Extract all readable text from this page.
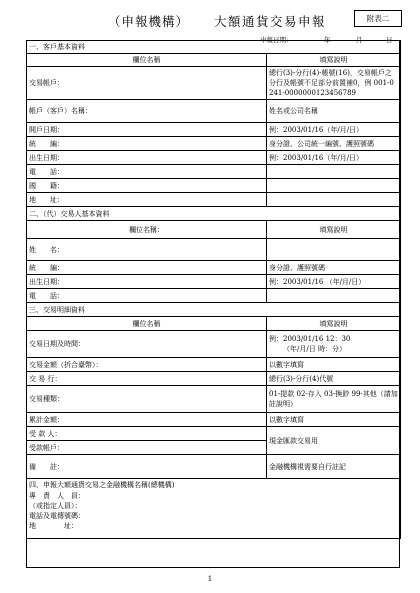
（申報機構） 大額通貨交易申報	附表二
申報日期：	年	月	日
一、客戶基本資料	
欄位名稱	填寫說明
交易帳戶：	總行(3)-分行(4)-帳號(16)，交易帳戶之分行及帳號不足部分前置補0，例 001-0241-0000000123456789
帳戶（客戶）名稱：	姓名或公司名稱
開戶日期：	例：2003/01/16（年/月/日）
統　　編：	身分證、公司統一編號、護照號碼
出生日期：	例：2003/01/16（年/月/日）
電　　話：	
國　　籍：	
地　　址：	
二、（代）交易人基本資料	
欄位名稱：	填寫說明
姓　　名：	
統　　編：	身分證、護照號碼
出生日期：	例：2003/01/16 （年/月/日）
電　　話：	
三、交易明細資料	
欄位名稱	填寫說明
交易日期及時間：	例：2003/01/16 12：30
（年/月/日 時：分）

交易金額（折合臺幣）：	以數字填寫
交 易 行：	總行(3)-分行(4)代號
交易種類：	01-提款 02-存入 03-換鈔 99-其他（請加註說明）
累計金額：	以數字填寫
受 款 人：	現金匯款交易用
受款帳戶：	
備　　註：	金融機構視需要自行註記

四、申報大額通貨交易之金融機構名稱(總機構)
專　責　人　員：
（或指定人員）：
電話及電傳號碼：
地　　　　址：	
1
